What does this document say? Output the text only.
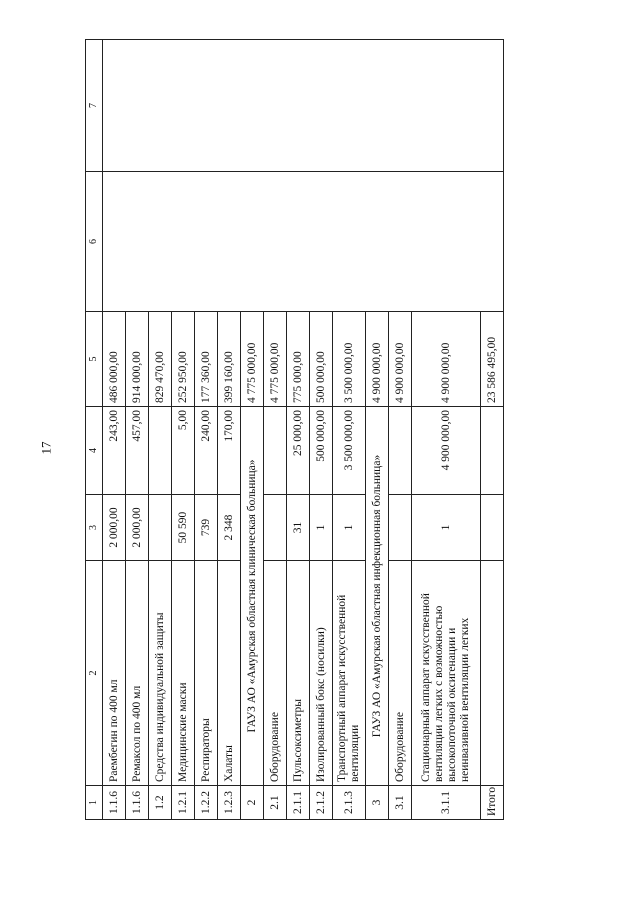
17
1	2	3	4	5	6	7
1.1.6	Раембегин по 400 мл	2 000,00	243,00	486 000,00		
1.1.6	Ремаксол по 400 мл	2 000,00	457,00	914 000,00		
1.2	Средства индивидуальной защиты			829 470,00		
1.2.1	Медицинские маски	50 590	5,00	252 950,00		
1.2.2	Респираторы	739	240,00	177 360,00		
1.2.3	Халаты	2 348	170,00	399 160,00		
2	ГАУЗ АО «Амурская областная клиническая больница»			4 775 000,00		
2.1	Оборудование			4 775 000,00		
2.1.1	Пульсоксиметры	31	25 000,00	775 000,00		
2.1.2	Изолированный бокс (носилки)	1	500 000,00	500 000,00		
2.1.3	Транспортный аппарат искусственной вентиляции	1	3 500 000,00	3 500 000,00		
3	ГАУЗ АО «Амурская областная инфекционная больница»			4 900 000,00		
3.1	Оборудование			4 900 000,00		
3.1.1	Стационарный аппарат искусственной вентиляции легких с возможностью высокопоточной оксигенации и неинвазивной вентиляции легких	1	4 900 000,00	4 900 000,00		
Итого				23 586 495,00		
